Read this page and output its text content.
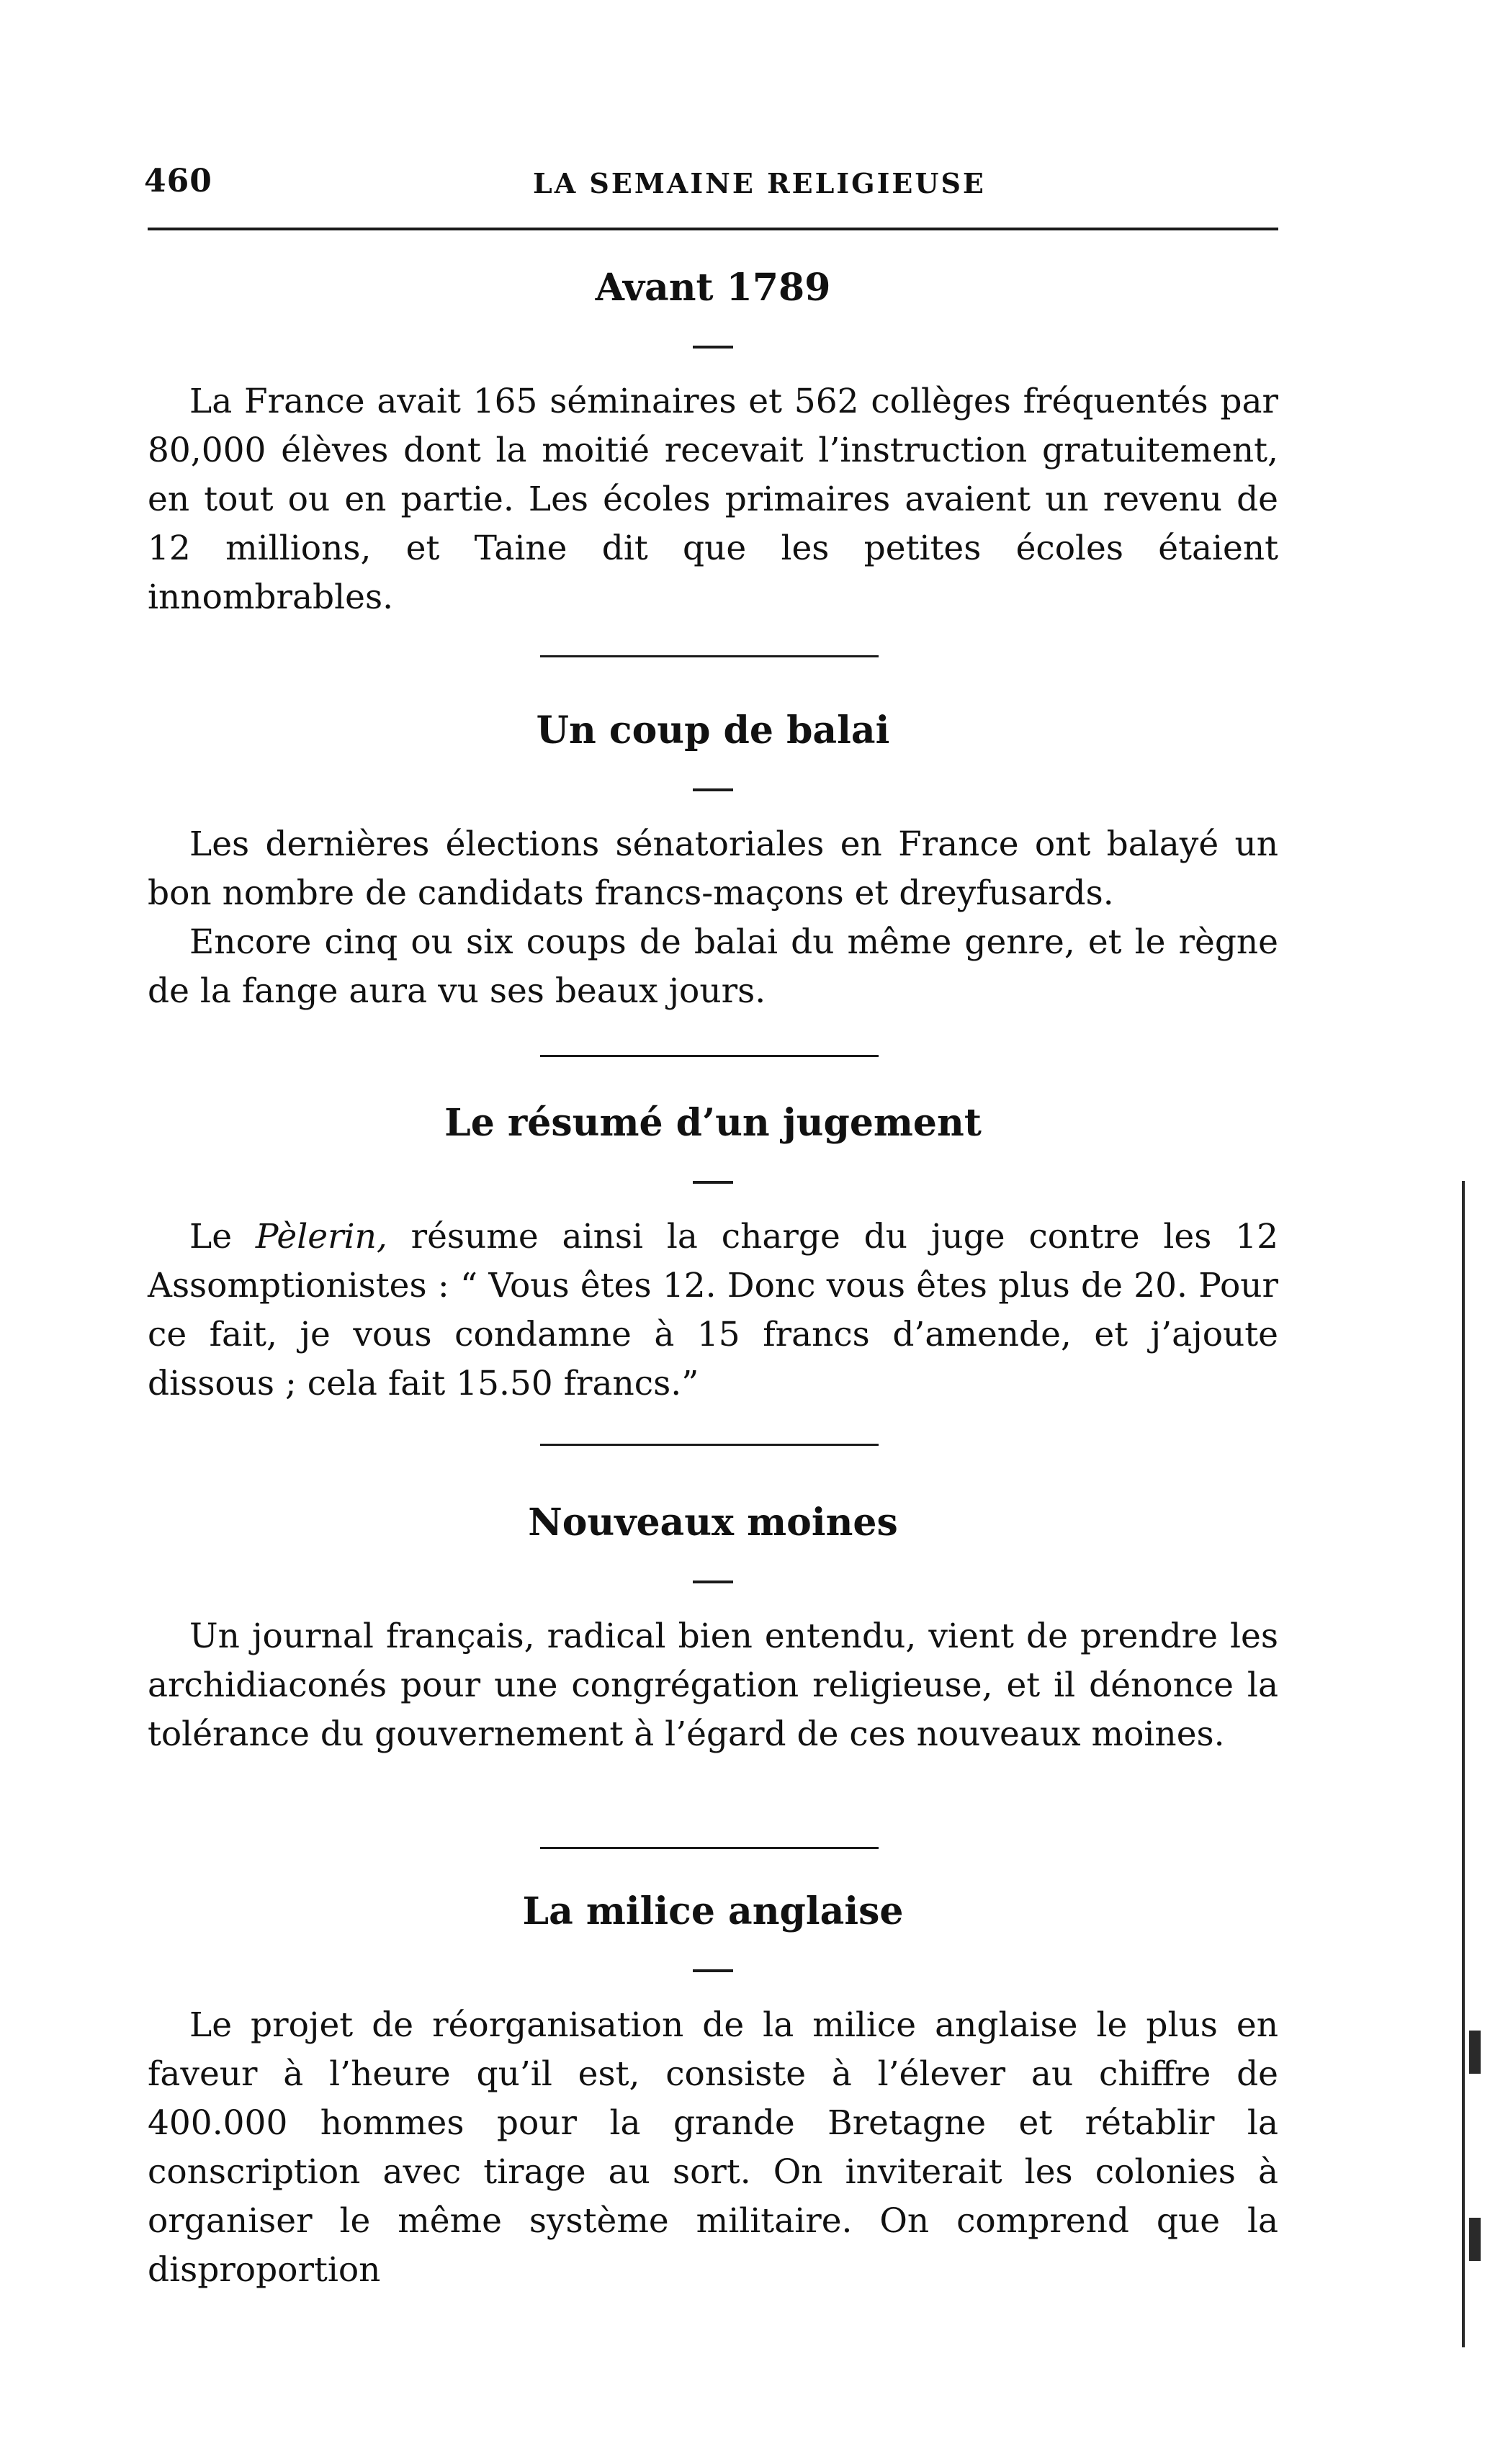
460	LA SEMAINE RELIGIEUSE
Avant 1789

La France avait 165 séminaires et 562 collèges fréquentés par 80,000 élèves dont la moitié recevait l’instruction gratuitement, en tout ou en partie. Les écoles primaires avaient un revenu de 12 millions, et Taine dit que les petites écoles étaient innombrables.

Un coup de balai

Les dernières élections sénatoriales en France ont balayé un bon nombre de candidats francs-maçons et dreyfusards.

Encore cinq ou six coups de balai du même genre, et le règne de la fange aura vu ses beaux jours.

Le résumé d’un jugement

Le Pèlerin, résume ainsi la charge du juge contre les 12 Assomptionistes : “ Vous êtes 12. Donc vous êtes plus de 20. Pour ce fait, je vous condamne à 15 francs d’amende, et j’ajoute dissous ; cela fait 15.50 francs.”

Nouveaux moines

Un journal français, radical bien entendu, vient de prendre les archidiaconés pour une congrégation religieuse, et il dénonce la tolérance du gouvernement à l’égard de ces nouveaux moines.

La milice anglaise

Le projet de réorganisation de la milice anglaise le plus en faveur à l’heure qu’il est, consiste à l’élever au chiffre de 400.000 hommes pour la grande Bretagne et rétablir la conscription avec tirage au sort. On inviterait les colonies à organiser le même système militaire. On comprend que la disproportion
